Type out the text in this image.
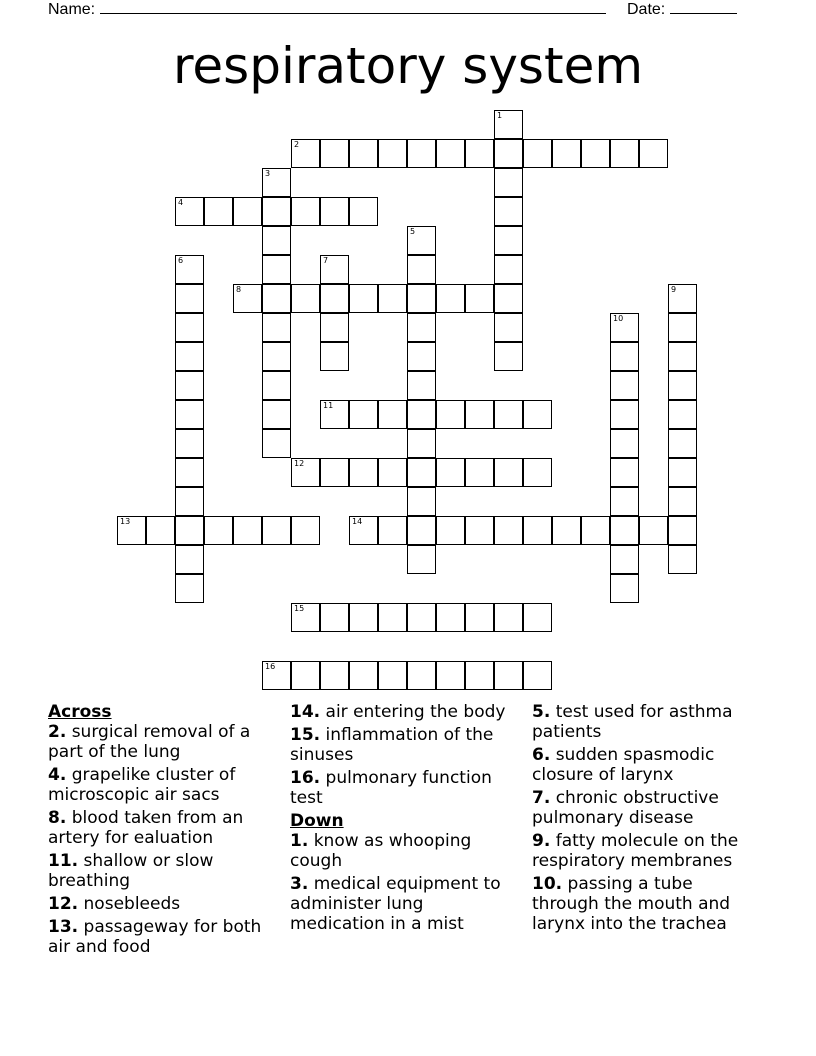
Name:	Date:
respiratory system
1
2
3
4
5
6	7
8	9
10
11
12
13	14
15
16
Across

2. surgical removal of a part of the lung

4. grapelike cluster of microscopic air sacs

8. blood taken from an artery for ealuation

11. shallow or slow breathing

12. nosebleeds

13. passageway for both air and food

14. air entering the body

15. inflammation of the sinuses

16. pulmonary function test

Down

1. know as whooping cough

3. medical equipment to administer lung medication in a mist

5. test used for asthma patients

6. sudden spasmodic closure of larynx

7. chronic obstructive pulmonary disease

9. fatty molecule on the respiratory membranes

10. passing a tube through the mouth and larynx into the trachea
